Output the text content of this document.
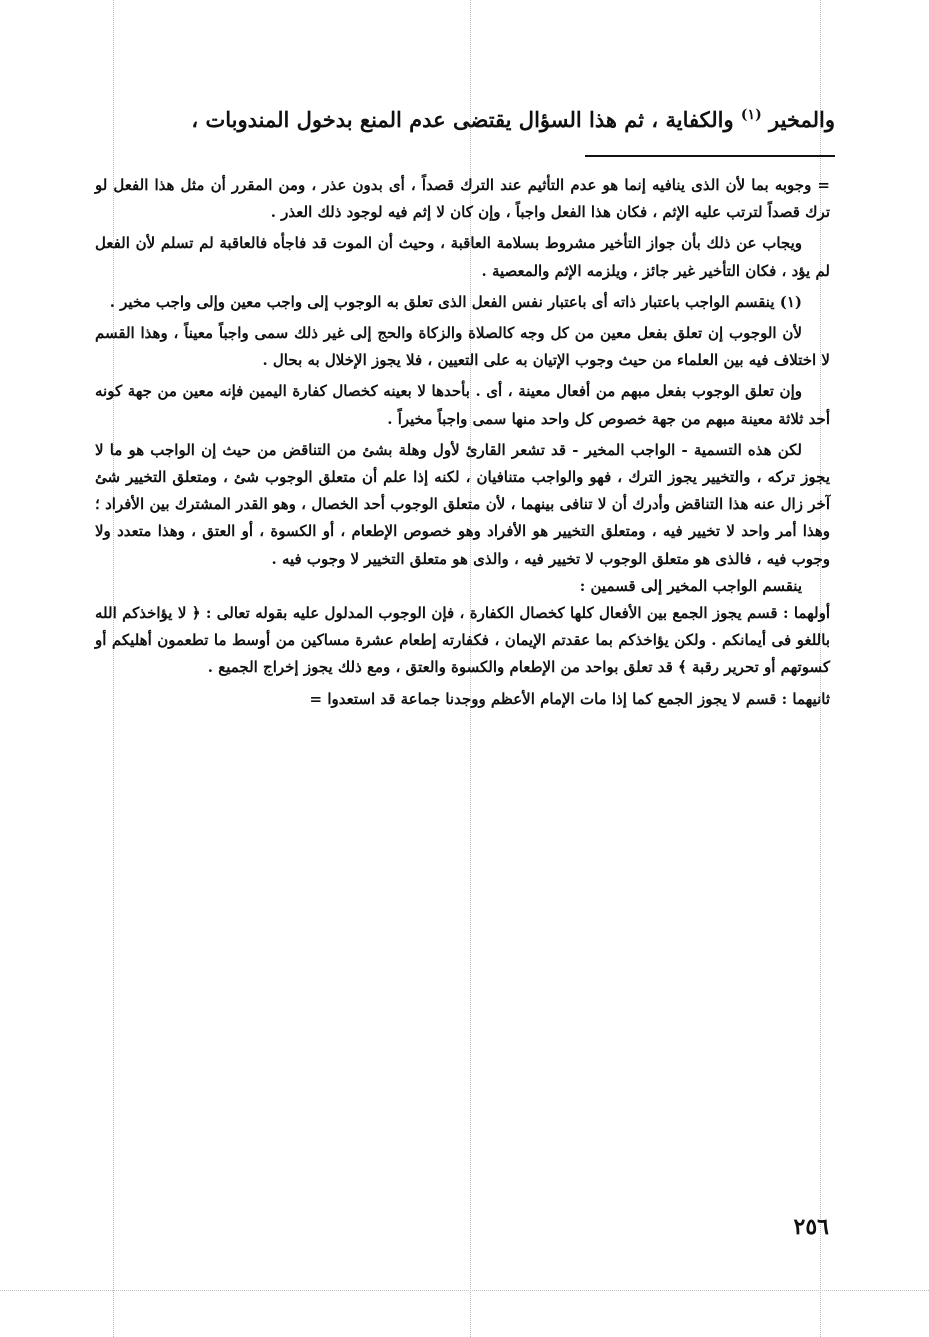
والمخير $^{(١)}$ والكفاية ، ثم هذا السؤال يقتضى عدم المنع بدخول المندوبات ،

= وجوبه بما لأن الذى ينافيه إنما هو عدم التأثيم عند الترك قصداً ، أى بدون عذر ، ومن المقرر أن مثل هذا الفعل لو ترك قصداً لترتب عليه الإثم ، فكان هذا الفعل واجباً ، وإن كان لا إثم فيه لوجود ذلك العذر .

ويجاب عن ذلك بأن جواز التأخير مشروط بسلامة العاقبة ، وحيث أن الموت قد فاجأه فالعاقبة لم تسلم لأن الفعل لم يؤد ، فكان التأخير غير جائز ، ويلزمه الإثم والمعصية .

(١) ينقسم الواجب باعتبار ذاته أى باعتبار نفس الفعل الذى تعلق به الوجوب إلى واجب معين وإلى واجب مخير .

لأن الوجوب إن تعلق بفعل معين من كل وجه كالصلاة والزكاة والحج إلى غير ذلك سمى واجباً معيناً ، وهذا القسم لا اختلاف فيه بين العلماء من حيث وجوب الإتيان به على التعيين ، فلا يجوز الإخلال به بحال .

وإن تعلق الوجوب بفعل مبهم من أفعال معينة ، أى . بأحدها لا بعينه كخصال كفارة اليمين فإنه معين من جهة كونه أحد ثلاثة معينة مبهم من جهة خصوص كل واحد منها سمى واجباً مخيراً .

لكن هذه التسمية - الواجب المخير - قد تشعر القارئ لأول وهلة بشئ من التناقض من حيث إن الواجب هو ما لا يجوز تركه ، والتخيير يجوز الترك ، فهو والواجب متنافيان ، لكنه إذا علم أن متعلق الوجوب شئ ، ومتعلق التخيير شئ آخر زال عنه هذا التناقض وأدرك أن لا تنافى بينهما ، لأن متعلق الوجوب أحد الخصال ، وهو القدر المشترك بين الأفراد ؛ وهذا أمر واحد لا تخيير فيه ، ومتعلق التخيير هو الأفراد وهو خصوص الإطعام ، أو الكسوة ، أو العتق ، وهذا متعدد ولا وجوب فيه ، فالذى هو متعلق الوجوب لا تخيير فيه ، والذى هو متعلق التخيير لا وجوب فيه .

ينقسم الواجب المخير إلى قسمين :

أولهما : قسم يجوز الجمع بين الأفعال كلها كخصال الكفارة ، فإن الوجوب المدلول عليه بقوله تعالى : ﴿ لا يؤاخذكم الله باللغو فى أيمانكم . ولكن يؤاخذكم بما عقدتم الإيمان ، فكفارته إطعام عشرة مساكين من أوسط ما تطعمون أهليكم أو كسوتهم أو تحرير رقبة ﴾ قد تعلق بواحد من الإطعام والكسوة والعتق ، ومع ذلك يجوز إخراج الجميع .

ثانيهما : قسم لا يجوز الجمع كما إذا مات الإمام الأعظم ووجدنا جماعة قد استعدوا =

٢٥٦
